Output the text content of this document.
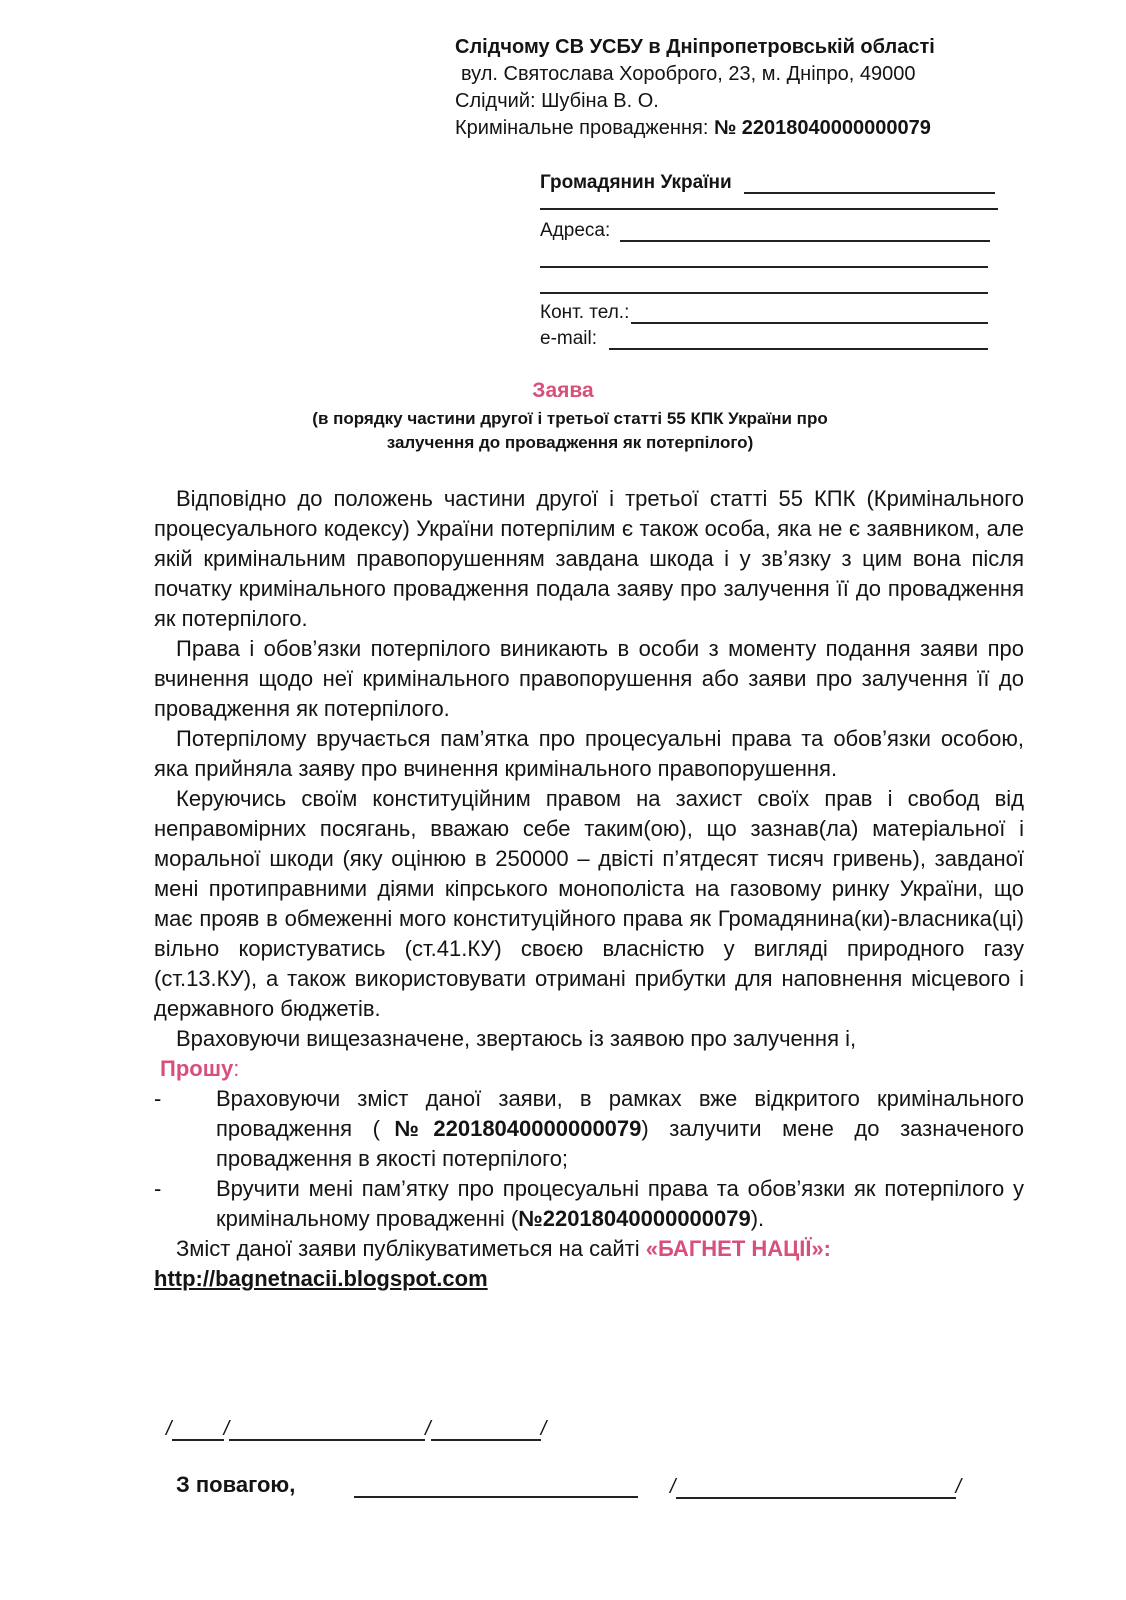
Слідчому СВ УСБУ в Дніпропетровській області
вул. Святослава Хороброго, 23, м. Дніпро, 49000
Слідчий: Шубіна В. О.
Кримінальне провадження: № 22018040000000079
Громадянин України
Адреса:
Конт. тел.:
e-mail:
Заява
(в порядку частини другої і третьої статті 55 КПК України про
залучення до провадження як потерпілого)

Відповідно до положень частини другої і третьої статті 55 КПК (Кримінального процесуального кодексу) України потерпілим є також особа, яка не є заявником, але якій кримінальним правопорушенням завдана шкода і у зв’язку з цим вона після початку кримінального провадження подала заяву про залучення її до провадження як потерпілого.

Права і обов’язки потерпілого виникають в особи з моменту подання заяви про вчинення щодо неї кримінального правопорушення або заяви про залучення її до провадження як потерпілого.

Потерпілому вручається пам’ятка про процесуальні права та обов’язки особою, яка прийняла заяву про вчинення кримінального правопорушення.

Керуючись своїм конституційним правом на захист своїх прав і свобод від неправомірних посягань, вважаю себе таким(ою), що зазнав(ла) матеріальної і моральної шкоди (яку оцінюю в 250000 – двісті п’ятдесят тисяч гривень), завданої мені протиправними діями кіпрського монополіста на газовому ринку України, що має прояв в обмеженні мого конституційного права як Громадянина(ки)-власника(ці) вільно користуватись (ст.41.КУ) своєю власністю у вигляді природного газу (ст.13.КУ), а також використовувати отримані прибутки для наповнення місцевого і державного бюджетів.

Враховуючи вищезазначене, звертаюсь із заявою про залучення і,

Прошу:
-	Враховуючи зміст даної заяви, в рамках вже відкритого кримінального провадження (№22018040000000079) залучити мене до зазначеного провадження в якості потерпілого;
-	Вручити мені пам’ятку про процесуальні права та обов’язки як потерпілого у кримінальному провадженні (№22018040000000079).

Зміст даної заяви публікуватиметься на сайті «БАГНЕТ НАЦІЇ»:

http://bagnetnacii.blogspot.com

/	/	/	/
З повагою,	/	/
